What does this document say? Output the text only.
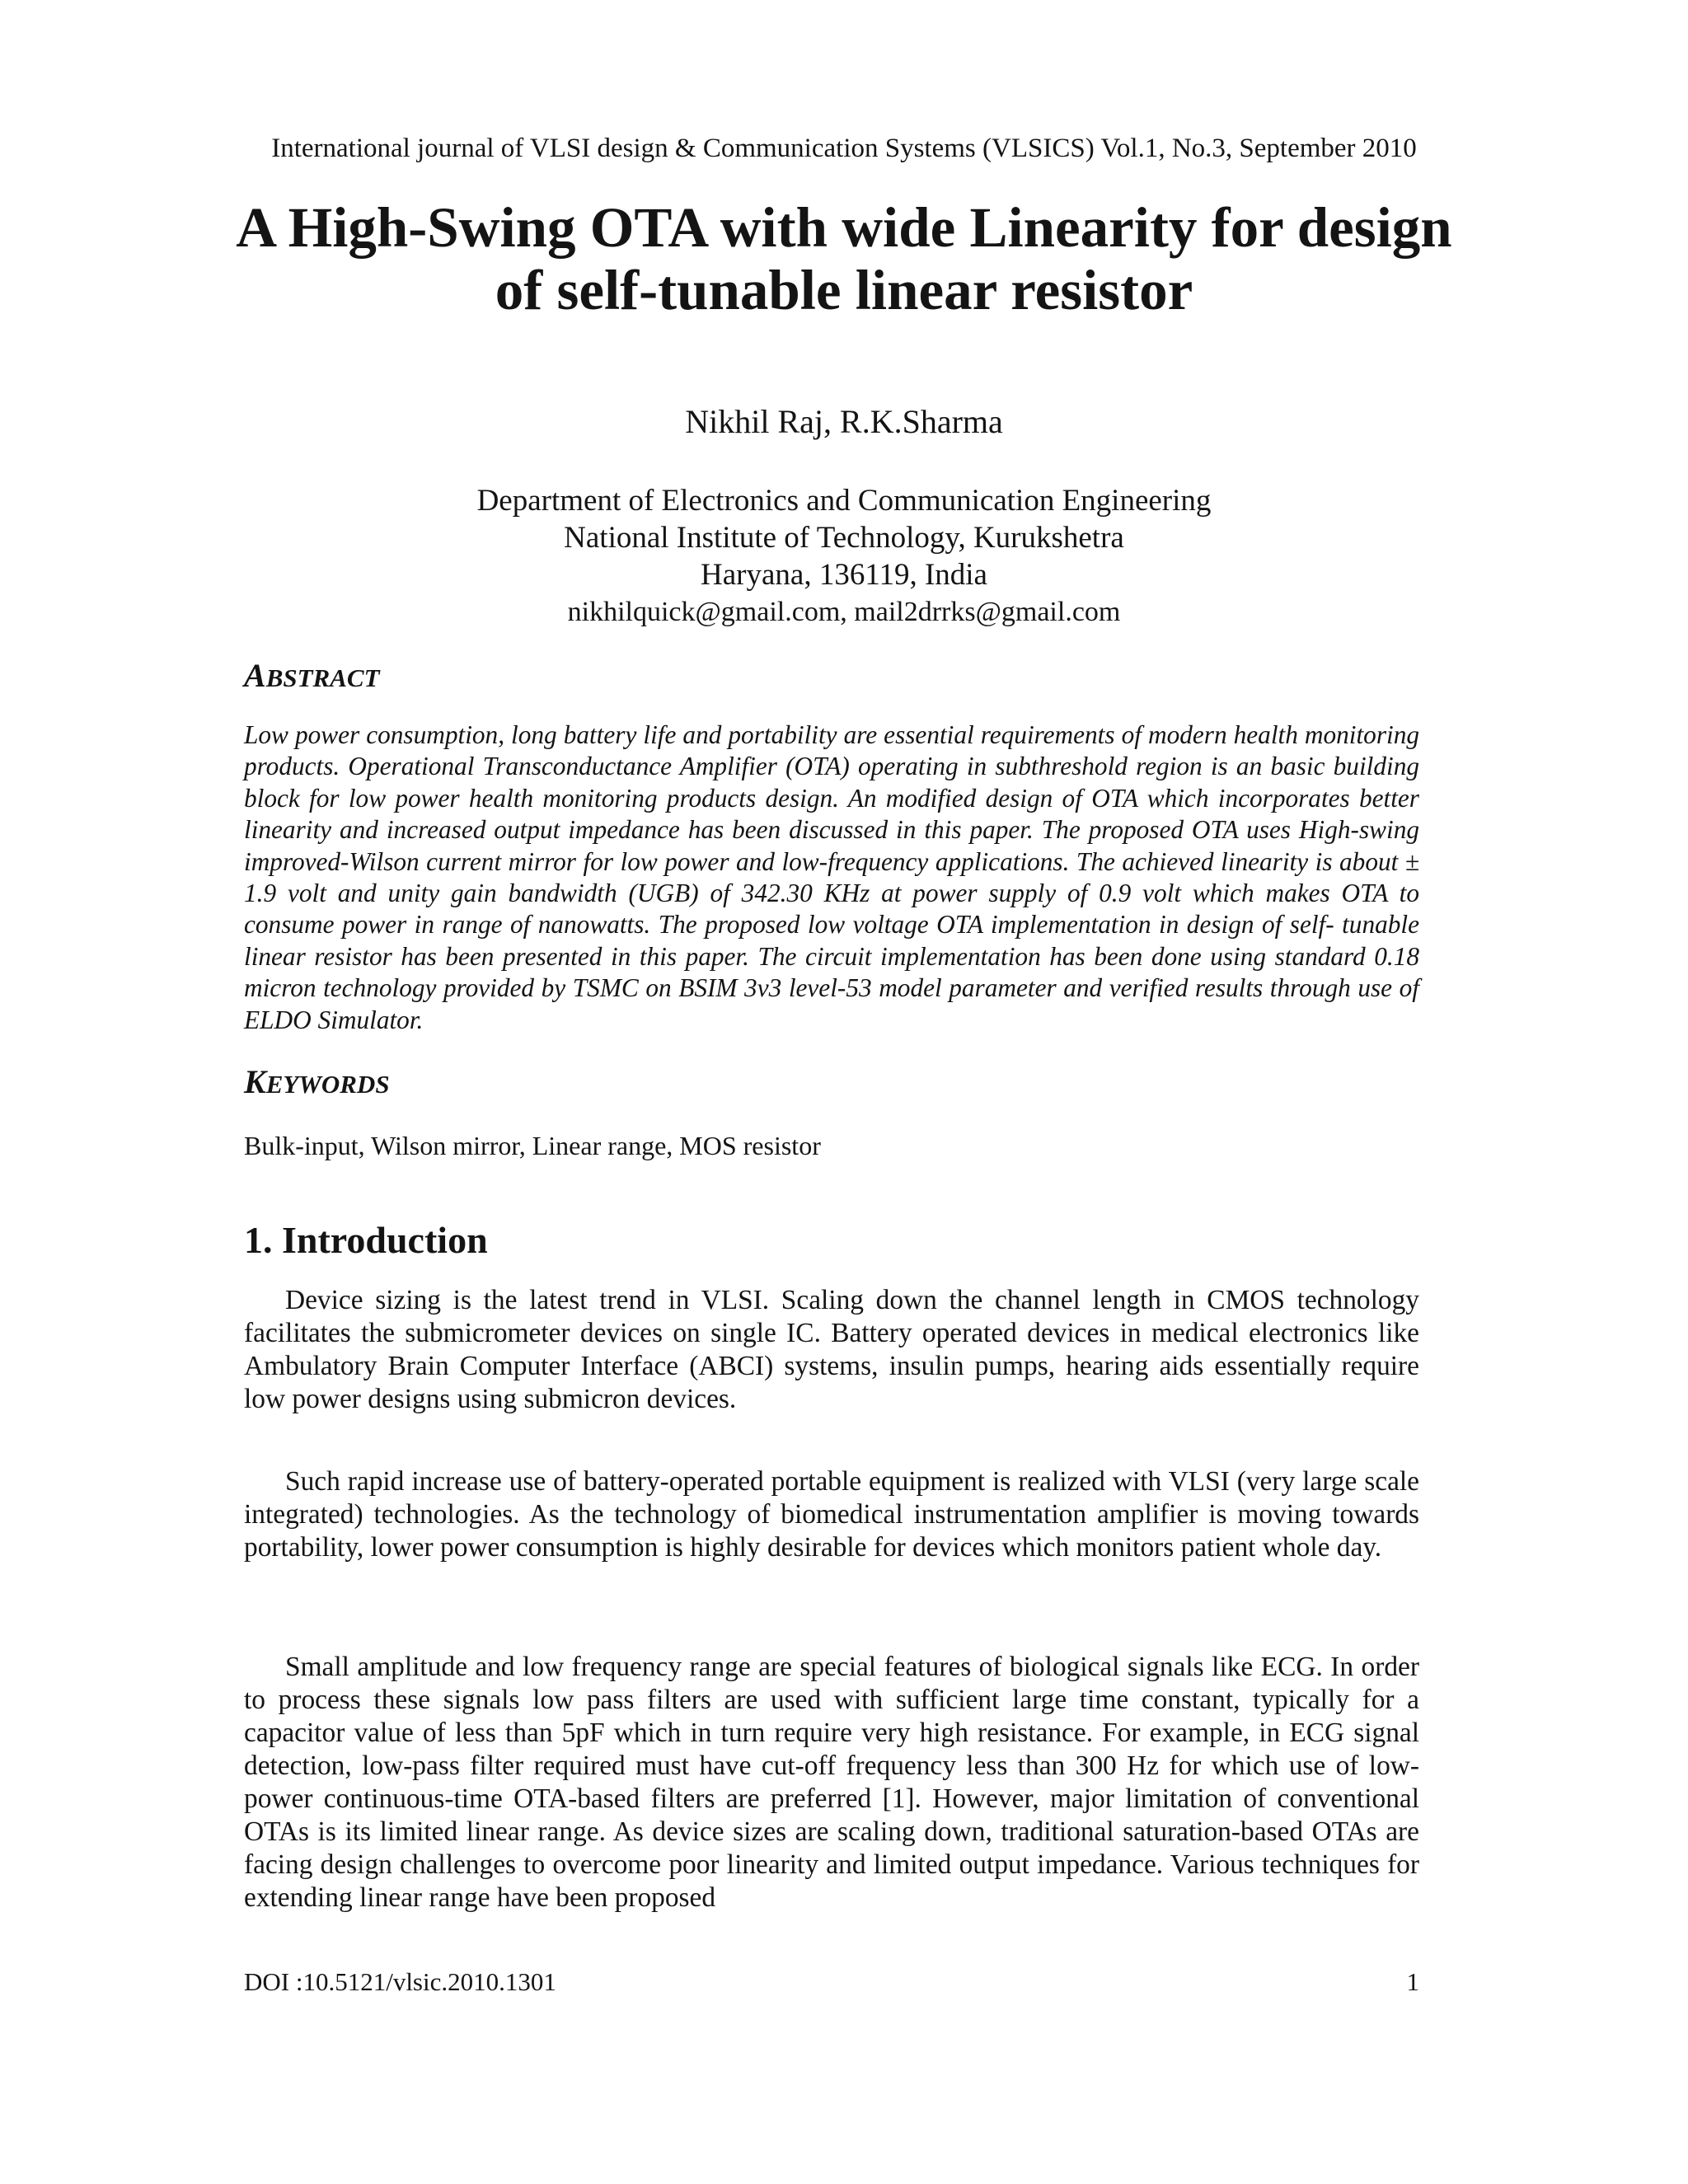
International journal of VLSI design & Communication Systems (VLSICS) Vol.1, No.3, September 2010
A High-Swing OTA with wide Linearity for design
of self-tunable linear resistor
Nikhil Raj, R.K.Sharma
Department of Electronics and Communication Engineering
National Institute of Technology, Kurukshetra
Haryana, 136119, India
nikhilquick@gmail.com, mail2drrks@gmail.com
ABSTRACT

Low power consumption, long battery life and portability are essential requirements of modern health monitoring products. Operational Transconductance Amplifier (OTA) operating in subthreshold region is an basic building block for low power health monitoring products design. An modified design of OTA which incorporates better linearity and increased output impedance has been discussed in this paper. The proposed OTA uses High-swing improved-Wilson current mirror for low power and low-frequency applications. The achieved linearity is about ± 1.9 volt and unity gain bandwidth (UGB) of 342.30 KHz at power supply of 0.9 volt which makes OTA to consume power in range of nanowatts. The proposed low voltage OTA implementation in design of self- tunable linear resistor has been presented in this paper. The circuit implementation has been done using standard 0.18 micron technology provided by TSMC on BSIM 3v3 level-53 model parameter and verified results through use of ELDO Simulator.

KEYWORDS

Bulk-input, Wilson mirror, Linear range, MOS resistor

1. Introduction

Device sizing is the latest trend in VLSI. Scaling down the channel length in CMOS technology facilitates the submicrometer devices on single IC. Battery operated devices in medical electronics like Ambulatory Brain Computer Interface (ABCI) systems, insulin pumps, hearing aids essentially require low power designs using submicron devices.

Such rapid increase use of battery-operated portable equipment is realized with VLSI (very large scale integrated) technologies. As the technology of biomedical instrumentation amplifier is moving towards portability, lower power consumption is highly desirable for devices which monitors patient whole day.

Small amplitude and low frequency range are special features of biological signals like ECG. In order to process these signals low pass filters are used with sufficient large time constant, typically for a capacitor value of less than 5pF which in turn require very high resistance. For example, in ECG signal detection, low-pass filter required must have cut-off frequency less than 300 Hz for which use of low-power continuous-time OTA-based filters are preferred [1]. However, major limitation of conventional OTAs is its limited linear range. As device sizes are scaling down, traditional saturation-based OTAs are facing design challenges to overcome poor linearity and limited output impedance. Various techniques for extending linear range have been proposed

DOI :10.5121/vlsic.2010.1301	1
